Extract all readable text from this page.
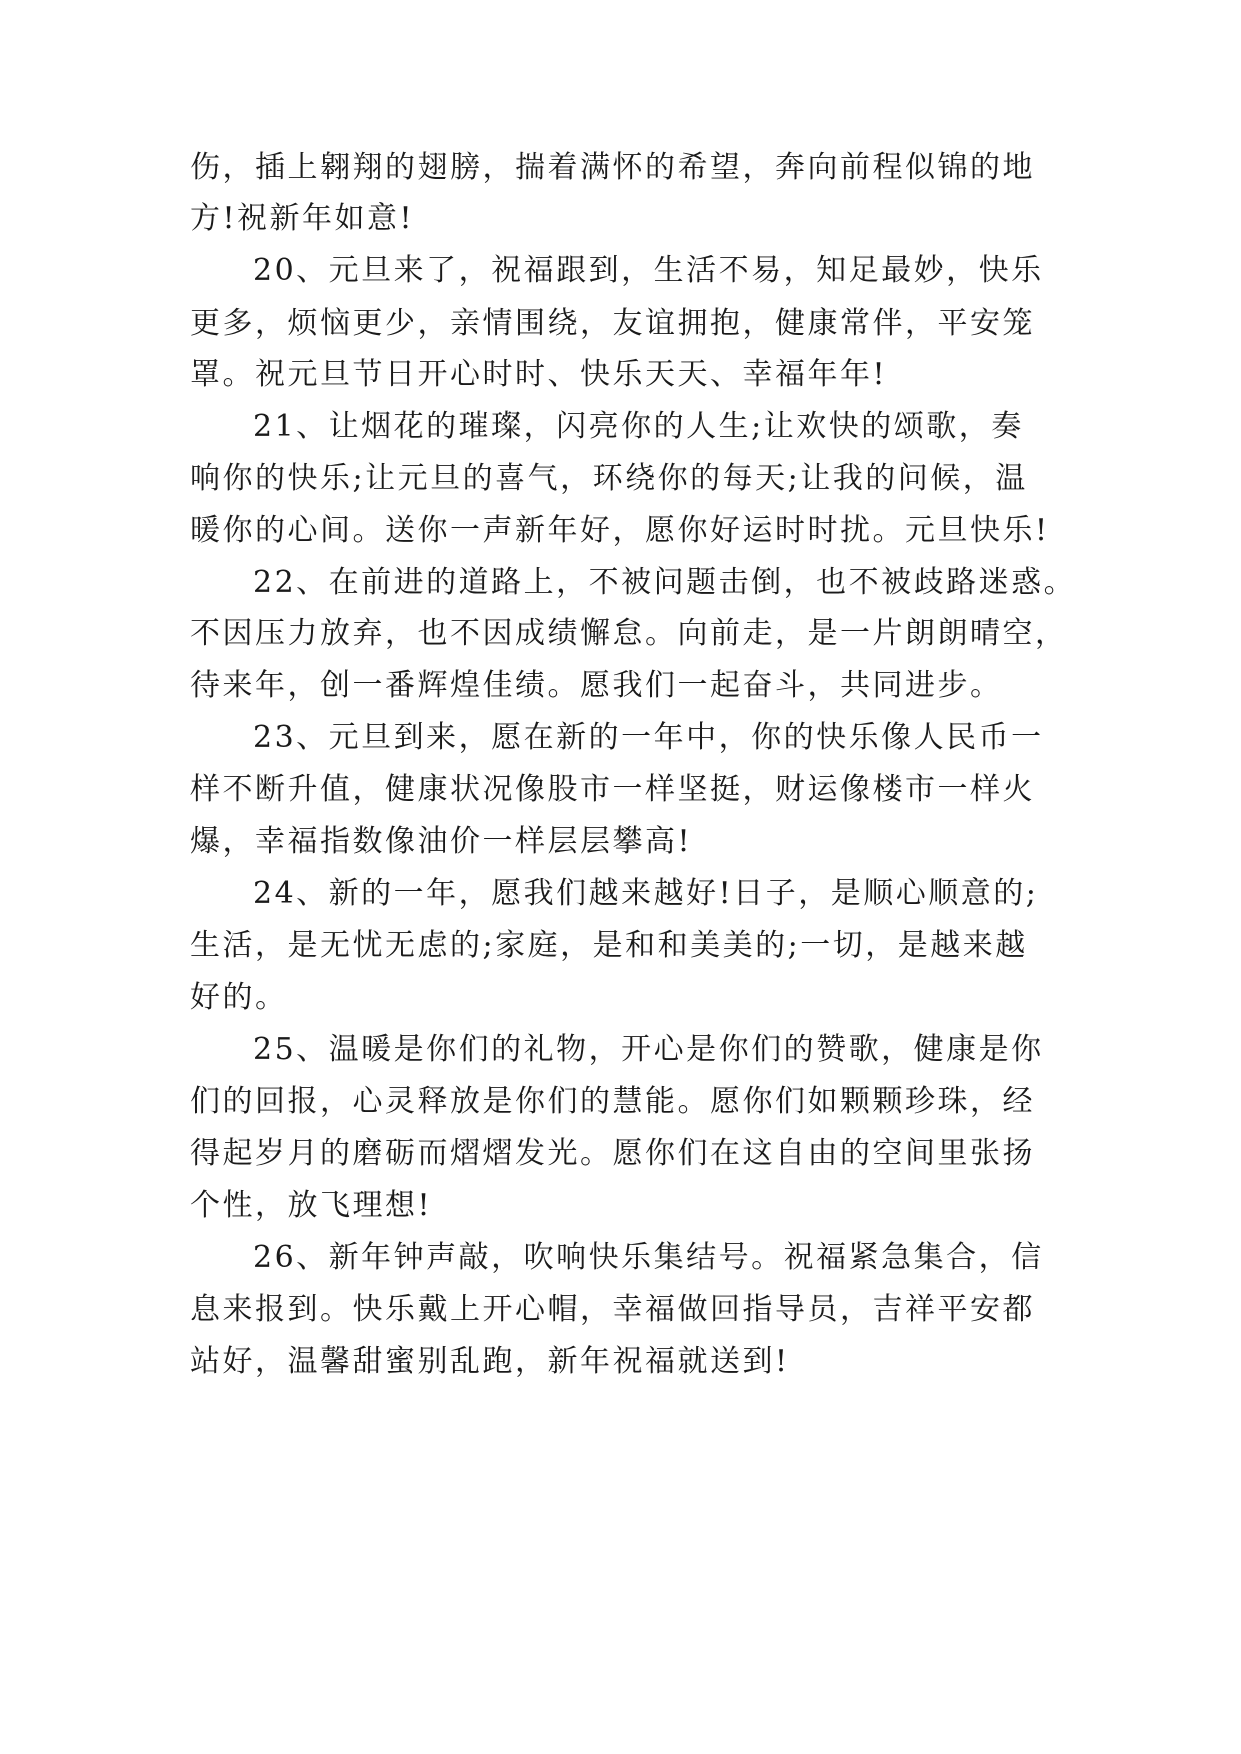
伤，插上翱翔的翅膀，揣着满怀的希望，奔向前程似锦的地
方!祝新年如意!
20、元旦来了，祝福跟到，生活不易，知足最妙，快乐
更多，烦恼更少，亲情围绕，友谊拥抱，健康常伴，平安笼
罩。祝元旦节日开心时时、快乐天天、幸福年年!
21、让烟花的璀璨，闪亮你的人生;让欢快的颂歌，奏
响你的快乐;让元旦的喜气，环绕你的每天;让我的问候，温
暖你的心间。送你一声新年好，愿你好运时时扰。元旦快乐!
22、在前进的道路上，不被问题击倒，也不被歧路迷惑。
不因压力放弃，也不因成绩懈怠。向前走，是一片朗朗晴空，
待来年，创一番辉煌佳绩。愿我们一起奋斗，共同进步。
23、元旦到来，愿在新的一年中，你的快乐像人民币一
样不断升值，健康状况像股市一样坚挺，财运像楼市一样火
爆，幸福指数像油价一样层层攀高!
24、新的一年，愿我们越来越好!日子，是顺心顺意的;
生活，是无忧无虑的;家庭，是和和美美的;一切，是越来越
好的。
25、温暖是你们的礼物，开心是你们的赞歌，健康是你
们的回报，心灵释放是你们的慧能。愿你们如颗颗珍珠，经
得起岁月的磨砺而熠熠发光。愿你们在这自由的空间里张扬
个性，放飞理想!
26、新年钟声敲，吹响快乐集结号。祝福紧急集合，信
息来报到。快乐戴上开心帽，幸福做回指导员，吉祥平安都
站好，温馨甜蜜别乱跑，新年祝福就送到!
